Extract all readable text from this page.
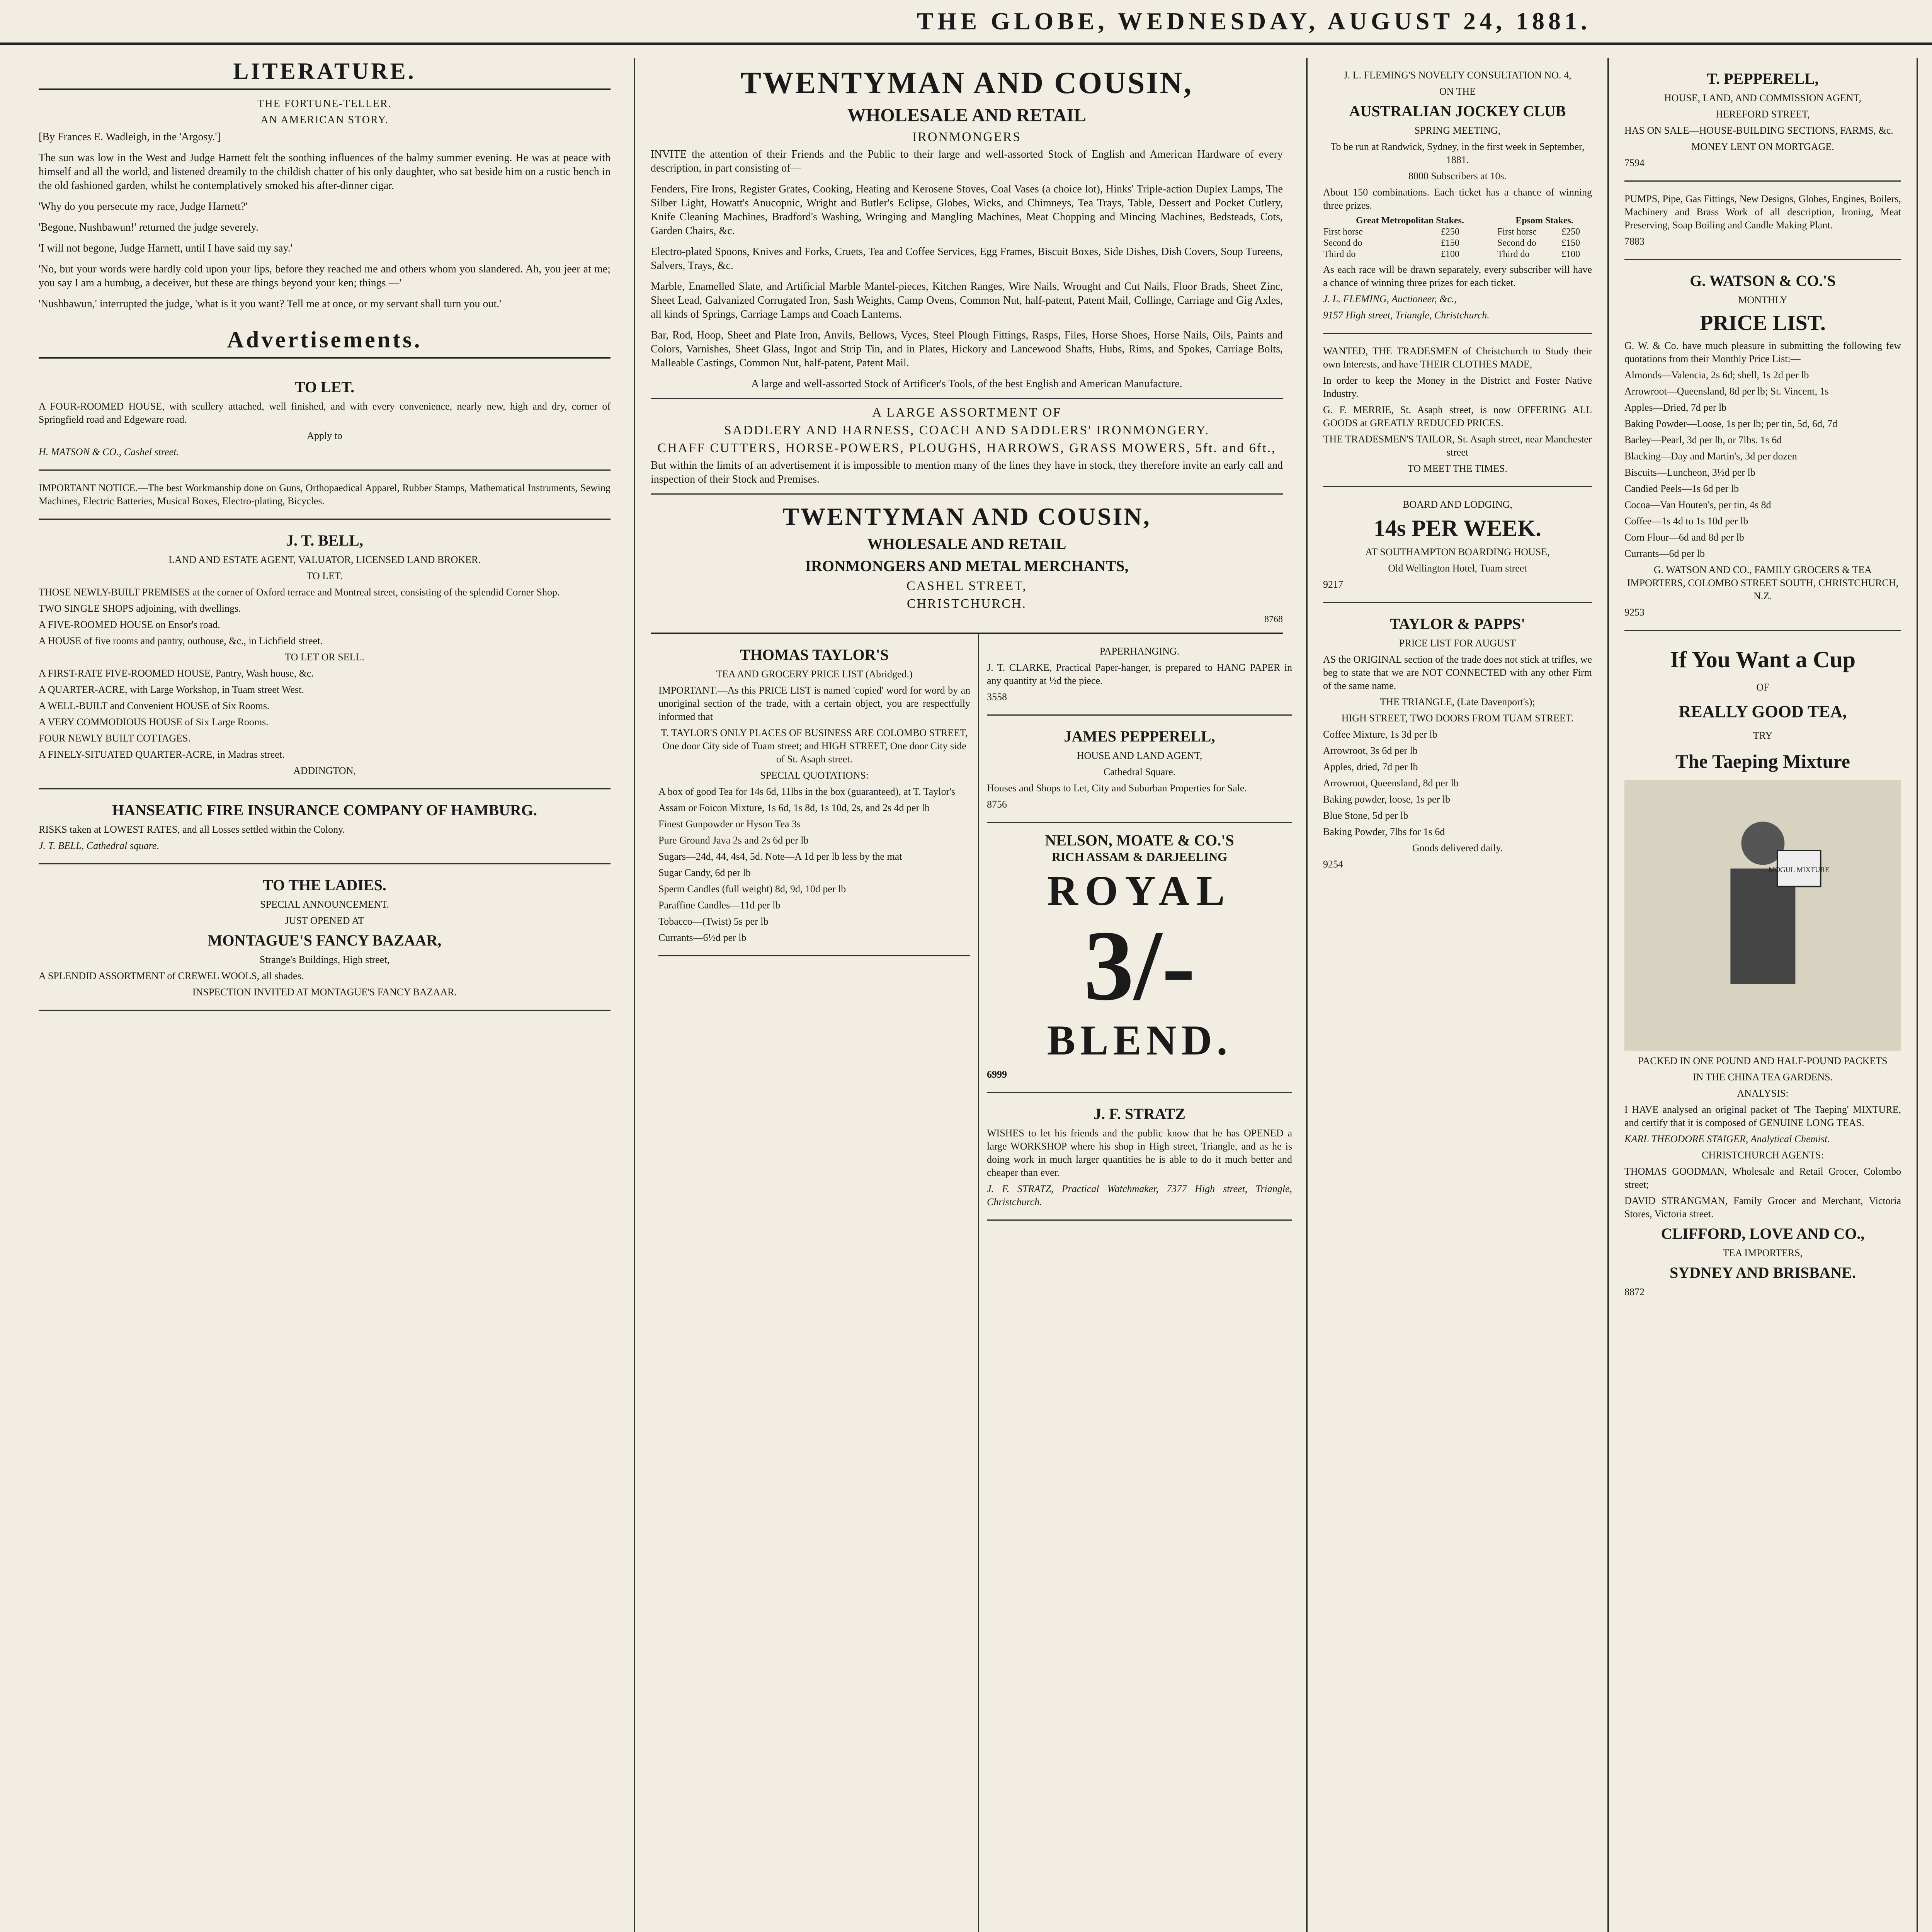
THE GLOBE, WEDNESDAY, AUGUST 24, 1881.
LITERATURE.
THE FORTUNE-TELLER.
AN AMERICAN STORY.

[By Frances E. Wadleigh, in the 'Argosy.']

The sun was low in the West and Judge Harnett felt the soothing influences of the balmy summer evening. He was at peace with himself and all the world, and listened dreamily to the childish chatter of his only daughter, who sat beside him on a rustic bench in the old fashioned garden, whilst he contemplatively smoked his after-dinner cigar.

'Why do you persecute my race, Judge Harnett?'

'Begone, Nushbawun!' returned the judge severely.

'I will not begone, Judge Harnett, until I have said my say.'

'No, but your words were hardly cold upon your lips, before they reached me and others whom you slandered. Ah, you jeer at me; you say I am a humbug, a deceiver, but these are things beyond your ken; things —'

'Nushbawun,' interrupted the judge, 'what is it you want? Tell me at once, or my servant shall turn you out.'

Advertisements.
TO LET.

A FOUR-ROOMED HOUSE, with scullery attached, well finished, and with every convenience, nearly new, high and dry, corner of Springfield road and Edgeware road.

Apply to

H. MATSON & CO., Cashel street.

IMPORTANT NOTICE.—The best Workmanship done on Guns, Orthopaedical Apparel, Rubber Stamps, Mathematical Instruments, Sewing Machines, Electric Batteries, Musical Boxes, Electro-plating, Bicycles.

J. T. BELL,

LAND AND ESTATE AGENT, VALUATOR, LICENSED LAND BROKER.

TO LET.

THOSE NEWLY-BUILT PREMISES at the corner of Oxford terrace and Montreal street, consisting of the splendid Corner Shop.

TWO SINGLE SHOPS adjoining, with dwellings.

A FIVE-ROOMED HOUSE on Ensor's road.

A HOUSE of five rooms and pantry, outhouse, &c., in Lichfield street.

TO LET OR SELL.

A FIRST-RATE FIVE-ROOMED HOUSE, Pantry, Wash house, &c.

A QUARTER-ACRE, with Large Workshop, in Tuam street West.

A WELL-BUILT and Convenient HOUSE of Six Rooms.

A VERY COMMODIOUS HOUSE of Six Large Rooms.

FOUR NEWLY BUILT COTTAGES.

A FINELY-SITUATED QUARTER-ACRE, in Madras street.

ADDINGTON,

HANSEATIC FIRE INSURANCE COMPANY OF HAMBURG.

RISKS taken at LOWEST RATES, and all Losses settled within the Colony.

J. T. BELL, Cathedral square.

TO THE LADIES.

SPECIAL ANNOUNCEMENT.

JUST OPENED AT

MONTAGUE'S FANCY BAZAAR,

Strange's Buildings, High street,

A SPLENDID ASSORTMENT of CREWEL WOOLS, all shades.

INSPECTION INVITED AT MONTAGUE'S FANCY BAZAAR.

TWENTYMAN AND COUSIN,
WHOLESALE AND RETAIL
IRONMONGERS

INVITE the attention of their Friends and the Public to their large and well-assorted Stock of English and American Hardware of every description, in part consisting of—

Fenders, Fire Irons, Register Grates, Cooking, Heating and Kerosene Stoves, Coal Vases (a choice lot), Hinks' Triple-action Duplex Lamps, The Silber Light, Howatt's Anucopnic, Wright and Butler's Eclipse, Globes, Wicks, and Chimneys, Tea Trays, Table, Dessert and Pocket Cutlery, Knife Cleaning Machines, Bradford's Washing, Wringing and Mangling Machines, Meat Chopping and Mincing Machines, Bedsteads, Cots, Garden Chairs, &c.

Electro-plated Spoons, Knives and Forks, Cruets, Tea and Coffee Services, Egg Frames, Biscuit Boxes, Side Dishes, Dish Covers, Soup Tureens, Salvers, Trays, &c.

Marble, Enamelled Slate, and Artificial Marble Mantel-pieces, Kitchen Ranges, Wire Nails, Wrought and Cut Nails, Floor Brads, Sheet Zinc, Sheet Lead, Galvanized Corrugated Iron, Sash Weights, Camp Ovens, Common Nut, half-patent, Patent Mail, Collinge, Carriage and Gig Axles, all kinds of Springs, Carriage Lamps and Coach Lanterns.

Bar, Rod, Hoop, Sheet and Plate Iron, Anvils, Bellows, Vyces, Steel Plough Fittings, Rasps, Files, Horse Shoes, Horse Nails, Oils, Paints and Colors, Varnishes, Sheet Glass, Ingot and Strip Tin, and in Plates, Hickory and Lancewood Shafts, Hubs, Rims, and Spokes, Carriage Bolts, Malleable Castings, Common Nut, half-patent, Patent Mail.

A large and well-assorted Stock of Artificer's Tools, of the best English and American Manufacture.

A LARGE ASSORTMENT OF
SADDLERY AND HARNESS, COACH AND SADDLERS' IRONMONGERY.
CHAFF CUTTERS, HORSE-POWERS, PLOUGHS, HARROWS, GRASS MOWERS, 5ft. and 6ft.,

But within the limits of an advertisement it is impossible to mention many of the lines they have in stock, they therefore invite an early call and inspection of their Stock and Premises.

TWENTYMAN AND COUSIN,
WHOLESALE AND RETAIL
IRONMONGERS AND METAL MERCHANTS,
CASHEL STREET,
CHRISTCHURCH.
8768
THOMAS TAYLOR'S

TEA AND GROCERY PRICE LIST (Abridged.)

IMPORTANT.—As this PRICE LIST is named 'copied' word for word by an unoriginal section of the trade, with a certain object, you are respectfully informed that

T. TAYLOR'S ONLY PLACES OF BUSINESS ARE COLOMBO STREET, One door City side of Tuam street; and HIGH STREET, One door City side of St. Asaph street.

SPECIAL QUOTATIONS:

A box of good Tea for 14s 6d, 11lbs in the box (guaranteed), at T. Taylor's

Assam or Foicon Mixture, 1s 6d, 1s 8d, 1s 10d, 2s, and 2s 4d per lb

Finest Gunpowder or Hyson Tea 3s

Pure Ground Java 2s and 2s 6d per lb

Sugars—24d, 44, 4s4, 5d. Note—A 1d per lb less by the mat

Sugar Candy, 6d per lb

Sperm Candles (full weight) 8d, 9d, 10d per lb

Paraffine Candles—11d per lb

Tobacco—(Twist) 5s per lb

Currants—6½d per lb

PAPERHANGING.

J. T. CLARKE, Practical Paper-hanger, is prepared to HANG PAPER in any quantity at ½d the piece.

3558

JAMES PEPPERELL,

HOUSE AND LAND AGENT,

Cathedral Square.

Houses and Shops to Let, City and Suburban Properties for Sale.

8756

NELSON, MOATE & CO.'S

RICH ASSAM & DARJEELING

ROYAL
3/-
BLEND.

6999

J. F. STRATZ

WISHES to let his friends and the public know that he has OPENED a large WORKSHOP where his shop in High street, Triangle, and as he is doing work in much larger quantities he is able to do it much better and cheaper than ever.

J. F. STRATZ, Practical Watchmaker, 7377 High street, Triangle, Christchurch.

J. L. FLEMING'S NOVELTY CONSULTATION NO. 4,

ON THE

AUSTRALIAN JOCKEY CLUB

SPRING MEETING,

To be run at Randwick, Sydney, in the first week in September, 1881.

8000 Subscribers at 10s.

About 150 combinations. Each ticket has a chance of winning three prizes.

Great Metropolitan Stakes.		Epsom Stakes.	
First horse	£250	First horse	£250
Second do	£150	Second do	£150
Third do	£100	Third do	£100

As each race will be drawn separately, every subscriber will have a chance of winning three prizes for each ticket.

J. L. FLEMING, Auctioneer, &c.,

9157 High street, Triangle, Christchurch.

WANTED, THE TRADESMEN of Christchurch to Study their own Interests, and have THEIR CLOTHES MADE,

In order to keep the Money in the District and Foster Native Industry.

G. F. MERRIE, St. Asaph street, is now OFFERING ALL GOODS at GREATLY REDUCED PRICES.

THE TRADESMEN'S TAILOR, St. Asaph street, near Manchester street

TO MEET THE TIMES.

BOARD AND LODGING,

14s PER WEEK.

AT SOUTHAMPTON BOARDING HOUSE,

Old Wellington Hotel, Tuam street

9217

TAYLOR & PAPPS'

PRICE LIST FOR AUGUST

AS the ORIGINAL section of the trade does not stick at trifles, we beg to state that we are NOT CONNECTED with any other Firm of the same name.

THE TRIANGLE, (Late Davenport's);

HIGH STREET, TWO DOORS FROM TUAM STREET.

Coffee Mixture, 1s 3d per lb

Arrowroot, 3s 6d per lb

Apples, dried, 7d per lb

Arrowroot, Queensland, 8d per lb

Baking powder, loose, 1s per lb

Blue Stone, 5d per lb

Baking Powder, 7lbs for 1s 6d

Goods delivered daily.

9254

T. PEPPERELL,

HOUSE, LAND, AND COMMISSION AGENT,

HEREFORD STREET,

HAS ON SALE—HOUSE-BUILDING SECTIONS, FARMS, &c.

MONEY LENT ON MORTGAGE.

7594

PUMPS, Pipe, Gas Fittings, New Designs, Globes, Engines, Boilers, Machinery and Brass Work of all description, Ironing, Meat Preserving, Soap Boiling and Candle Making Plant.

7883

G. WATSON & CO.'S

MONTHLY

PRICE LIST.

G. W. & Co. have much pleasure in submitting the following few quotations from their Monthly Price List:—

Almonds—Valencia, 2s 6d; shell, 1s 2d per lb

Arrowroot—Queensland, 8d per lb; St. Vincent, 1s

Apples—Dried, 7d per lb

Baking Powder—Loose, 1s per lb; per tin, 5d, 6d, 7d

Barley—Pearl, 3d per lb, or 7lbs. 1s 6d

Blacking—Day and Martin's, 3d per dozen

Biscuits—Luncheon, 3½d per lb

Candied Peels—1s 6d per lb

Cocoa—Van Houten's, per tin, 4s 8d

Coffee—1s 4d to 1s 10d per lb

Corn Flour—6d and 8d per lb

Currants—6d per lb

G. WATSON AND CO., FAMILY GROCERS & TEA IMPORTERS, COLOMBO STREET SOUTH, CHRISTCHURCH, N.Z.

9253

If You Want a Cup

OF

REALLY GOOD TEA,

TRY

The Taeping Mixture
MOGUL MIXTURE

PACKED IN ONE POUND AND HALF-POUND PACKETS

IN THE CHINA TEA GARDENS.

ANALYSIS:

I HAVE analysed an original packet of 'The Taeping' MIXTURE, and certify that it is composed of GENUINE LONG TEAS.

KARL THEODORE STAIGER, Analytical Chemist.

CHRISTCHURCH AGENTS:

THOMAS GOODMAN, Wholesale and Retail Grocer, Colombo street;

DAVID STRANGMAN, Family Grocer and Merchant, Victoria Stores, Victoria street.

CLIFFORD, LOVE AND CO.,

TEA IMPORTERS,

SYDNEY AND BRISBANE.

8872
